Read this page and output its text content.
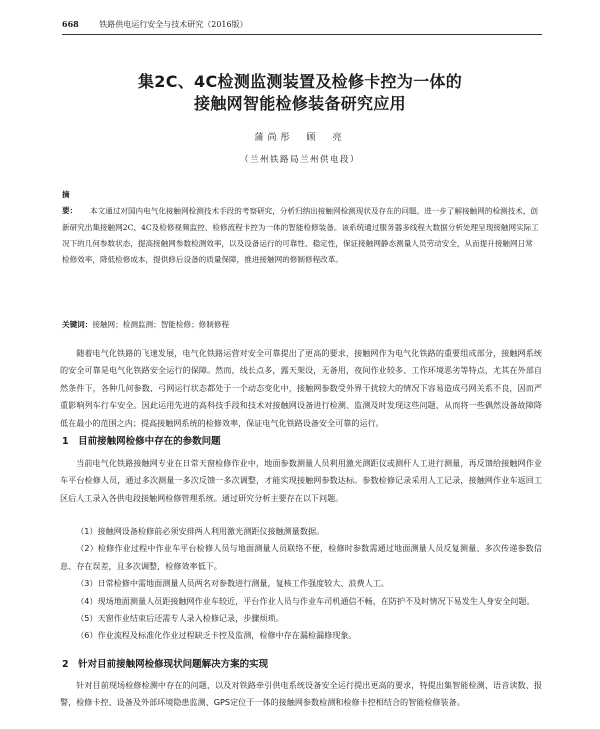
668	铁路供电运行安全与技术研究（2016版）
集2C、4C检测监测装置及检修卡控为一体的
接触网智能检修装备研究应用
蒲尚彤　顾　亮
（兰州铁路局兰州供电段）
摘　要： 本文通过对国内电气化接触网检测技术手段的考察研究，分析归纳出接触网检测现状及存在的问题。进一步了解接触网的检测技术，创新研究出集接触网2C、4C及检修视频监控、检修流程卡控为一体的智能检修装备。该系统通过服务器多线程大数据分析处理呈现接触网实际工况下的几何参数状态，提高接触网参数检测效率，以及设备运行的可靠性、稳定性，保证接触网静态测量人员劳动安全，从而提升接触网日常检修效率，降低检修成本，提供修后设备的质量保障，推进接触网的修制修程改革。
关键词：接触网；检测监测；智能检修；修制修程
随着电气化铁路的飞速发展，电气化铁路运营对安全可靠提出了更高的要求，接触网作为电气化铁路的重要组成部分，接触网系统的安全可靠是电气化铁路安全运行的保障。然而，线长点多，露天架设，无备用，夜间作业较多、工作环境恶劣等特点，尤其在外部自然条件下，各种几何参数、弓网运行状态都处于一个动态变化中，接触网参数受外界干扰较大的情况下容易造成弓网关系不良，因而严重影响列车行车安全。因此运用先进的高科技手段和技术对接触网设备进行检测、监测及时发现这些问题，从而将一些偶然设备故障降低在最小的范围之内；提高接触网系统的检修效率，保证电气化铁路设备安全可靠的运行。
1　目前接触网检修中存在的参数问题
当前电气化铁路接触网专业在日常天窗检修作业中，地面参数测量人员利用激光测距仪或测杆人工进行测量，再反馈给接触网作业车平台检修人员，通过多次测量一多次反馈一多次调整，才能实现接触网参数达标。参数检修记录采用人工记录，接触网作业车返回工区后人工录入各供电段接触网检修管理系统。通过研究分析主要存在以下问题。
（1）接触网设备检修前必须安排两人利用激光测距仪接触测量数据。
（2）检修作业过程中作业车平台检修人员与地面测量人员联络不便，检修时参数需通过地面测量人员反复测量、多次传递参数信息、存在误差，且多次调整，检修效率低下。
（3）日常检修中需地面测量人员两名对参数进行测量，复核工作强度较大、浪费人工。
（4）现场地面测量人员距接触网作业车较近，平台作业人员与作业车司机通信不畅，在防护不及时情况下易发生人身安全问题。
（5）天窗作业结束后还需专人录入检修记录，步骤烦琐。
（6）作业流程及标准化作业过程缺乏卡控及监测，检修中存在漏检漏修现象。
2　针对目前接触网检修现状问题解决方案的实现
针对目前现场检修检测中存在的问题，以及对铁路牵引供电系统设备安全运行提出更高的要求，特提出集智能检测、语音读数、报警，检修卡控、设备及外部环境隐患监测、GPS定位于一体的接触网参数检测和检修卡控相结合的智能检修装备。
